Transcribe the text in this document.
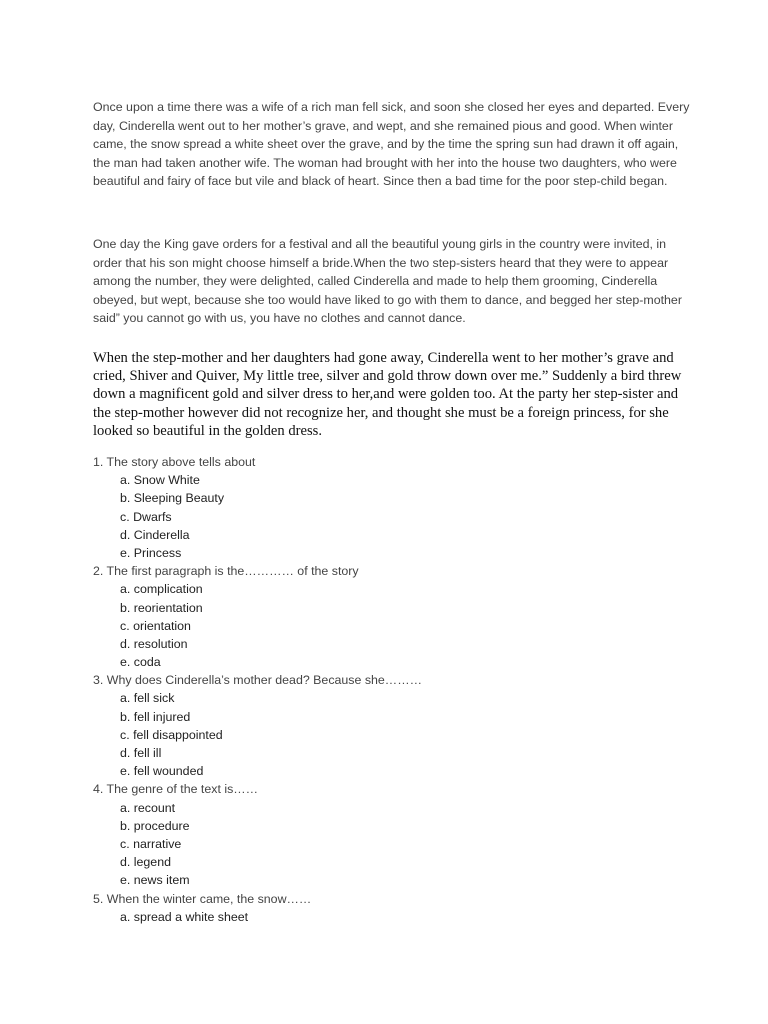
Once upon a time there was a wife of a rich man fell sick, and soon she closed her eyes and departed. Every day, Cinderella went out to her mother’s grave, and wept, and she remained pious and good. When winter came, the snow spread a white sheet over the grave, and by the time the spring sun had drawn it off again, the man had taken another wife. The woman had brought with her into the house two daughters, who were beautiful and fairy of face but vile and black of heart. Since then a bad time for the poor step-child began.
One day the King gave orders for a festival and all the beautiful young girls in the country were invited, in order that his son might choose himself a bride.When the two step-sisters heard that they were to appear among the number, they were delighted, called Cinderella and made to help them grooming, Cinderella obeyed, but wept, because she too would have liked to go with them to dance, and begged her step-mother said” you cannot go with us, you have no clothes and cannot dance.
When the step-mother and her daughters had gone away, Cinderella went to her mother’s grave and cried, Shiver and Quiver, My little tree, silver and gold throw down over me.” Suddenly a bird threw down a magnificent gold and silver dress to her,and were golden too. At the party her step-sister and the step-mother however did not recognize her, and thought she must be a foreign princess, for she looked so beautiful in the golden dress.
1. The story above tells about
a. Snow White
b. Sleeping Beauty
c. Dwarfs
d. Cinderella
e. Princess
2. The first paragraph is the………… of the story
a. complication
b. reorientation
c. orientation
d. resolution
e. coda
3. Why does Cinderella’s mother dead? Because she………
a. fell sick
b. fell injured
c. fell disappointed
d. fell ill
e. fell wounded
4. The genre of the text is……
a. recount
b. procedure
c. narrative
d. legend
e. news item
5. When the winter came, the snow……
a. spread a white sheet
